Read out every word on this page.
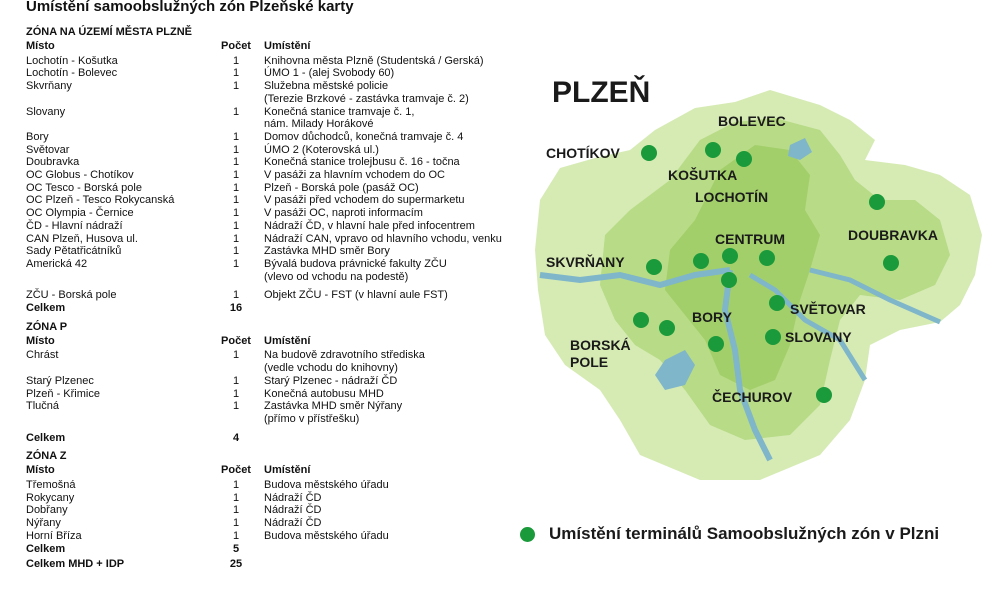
Umístění samoobslužných zón Plzeňské karty
ZÓNA NA ÚZEMÍ MĚSTA PLZNĚ
Místo	Počet	Umístění
Lochotín - Košutka	1	Knihovna města Plzně (Studentská / Gerská)
Lochotín - Bolevec	1	ÚMO 1 - (alej Svobody 60)
Skvrňany	1	Služebna městské policie
(Terezie Brzkové - zastávka tramvaje č. 2)
Slovany	1	Konečná stanice tramvaje č. 1,
nám. Milady Horákové
Bory	1	Domov důchodců, konečná tramvaje č. 4
Světovar	1	ÚMO 2 (Koterovská ul.)
Doubravka	1	Konečná stanice trolejbusu č. 16 - točna
OC Globus - Chotíkov	1	V pasáži za hlavním vchodem do OC
OC Tesco - Borská pole	1	Plzeň - Borská pole (pasáž OC)
OC Plzeň - Tesco Rokycanská	1	V pasáži před vchodem do supermarketu
OC Olympia - Černice	1	V pasáži OC, naproti informacím
ČD - Hlavní nádraží	1	Nádraží ČD, v hlavní hale před infocentrem
CAN Plzeň, Husova ul.	1	Nádraží CAN, vpravo od hlavního vchodu, venku
Sady Pětatřicátníků	1	Zastávka MHD směr Bory
Americká 42	1	Bývalá budova právnické fakulty ZČU
(vlevo od vchodu na podestě)
ZČU - Borská pole	1	Objekt ZČU - FST (v hlavní aule FST)
Celkem	16
ZÓNA P
Místo	Počet	Umístění
Chrást	1	Na budově zdravotního střediska
(vedle vchodu do knihovny)
Starý Plzenec	1	Starý Plzenec - nádraží ČD
Plzeň - Křimice	1	Konečná autobusu MHD
Tlučná	1	Zastávka MHD směr Nýřany
(přímo v přístřešku)
Celkem	4
ZÓNA Z
Místo	Počet	Umístění
Třemošná	1	Budova městského úřadu
Rokycany	1	Nádraží ČD
Dobřany	1	Nádraží ČD
Nýřany	1	Nádraží ČD
Horní Bříza	1	Budova městského úřadu
Celkem	5
Celkem MHD + IDP	25
PLZEŇ
BOLEVEC
CHOTÍKOV
KOŠUTKA
LOCHOTÍN
CENTRUM	DOUBRAVKA
SKVRŇANY
SVĚTOVAR
BORY
SLOVANY
BORSKÁ
POLE
ČECHUROV
Umístění terminálů Samoobslužných zón v Plzni
